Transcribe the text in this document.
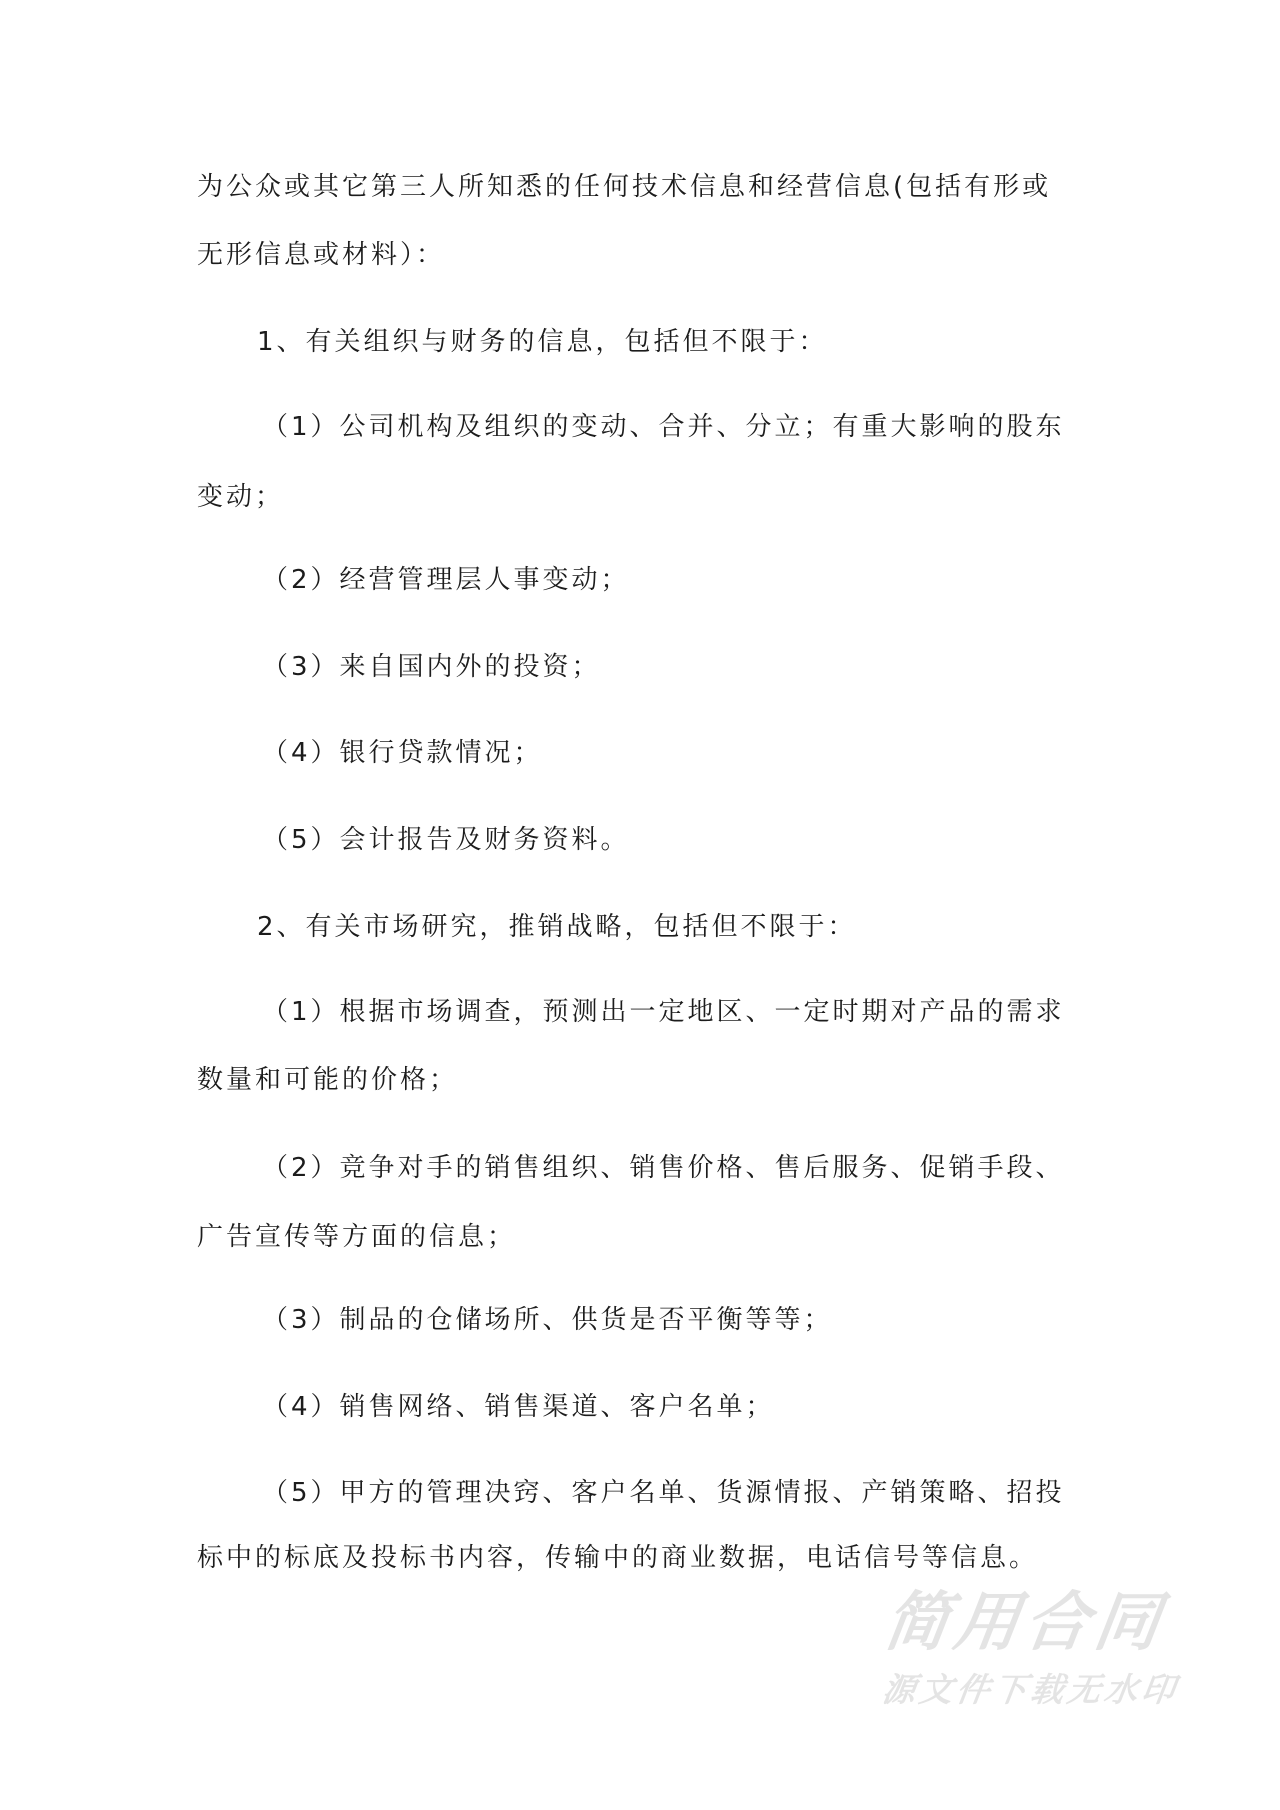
为公众或其它第三人所知悉的任何技术信息和经营信息(包括有形或
无形信息或材料）：
1、有关组织与财务的信息，包括但不限于：
（1）公司机构及组织的变动、合并、分立；有重大影响的股东
变动；
（2）经营管理层人事变动；
（3）来自国内外的投资；
（4）银行贷款情况；
（5）会计报告及财务资料。
2、有关市场研究，推销战略，包括但不限于：
（1）根据市场调查，预测出一定地区、一定时期对产品的需求
数量和可能的价格；
（2）竞争对手的销售组织、销售价格、售后服务、促销手段、
广告宣传等方面的信息；
（3）制品的仓储场所、供货是否平衡等等；
（4）销售网络、销售渠道、客户名单；
（5）甲方的管理决窍、客户名单、货源情报、产销策略、招投
标中的标底及投标书内容，传输中的商业数据，电话信号等信息。
简用合同
源文件下载无水印
